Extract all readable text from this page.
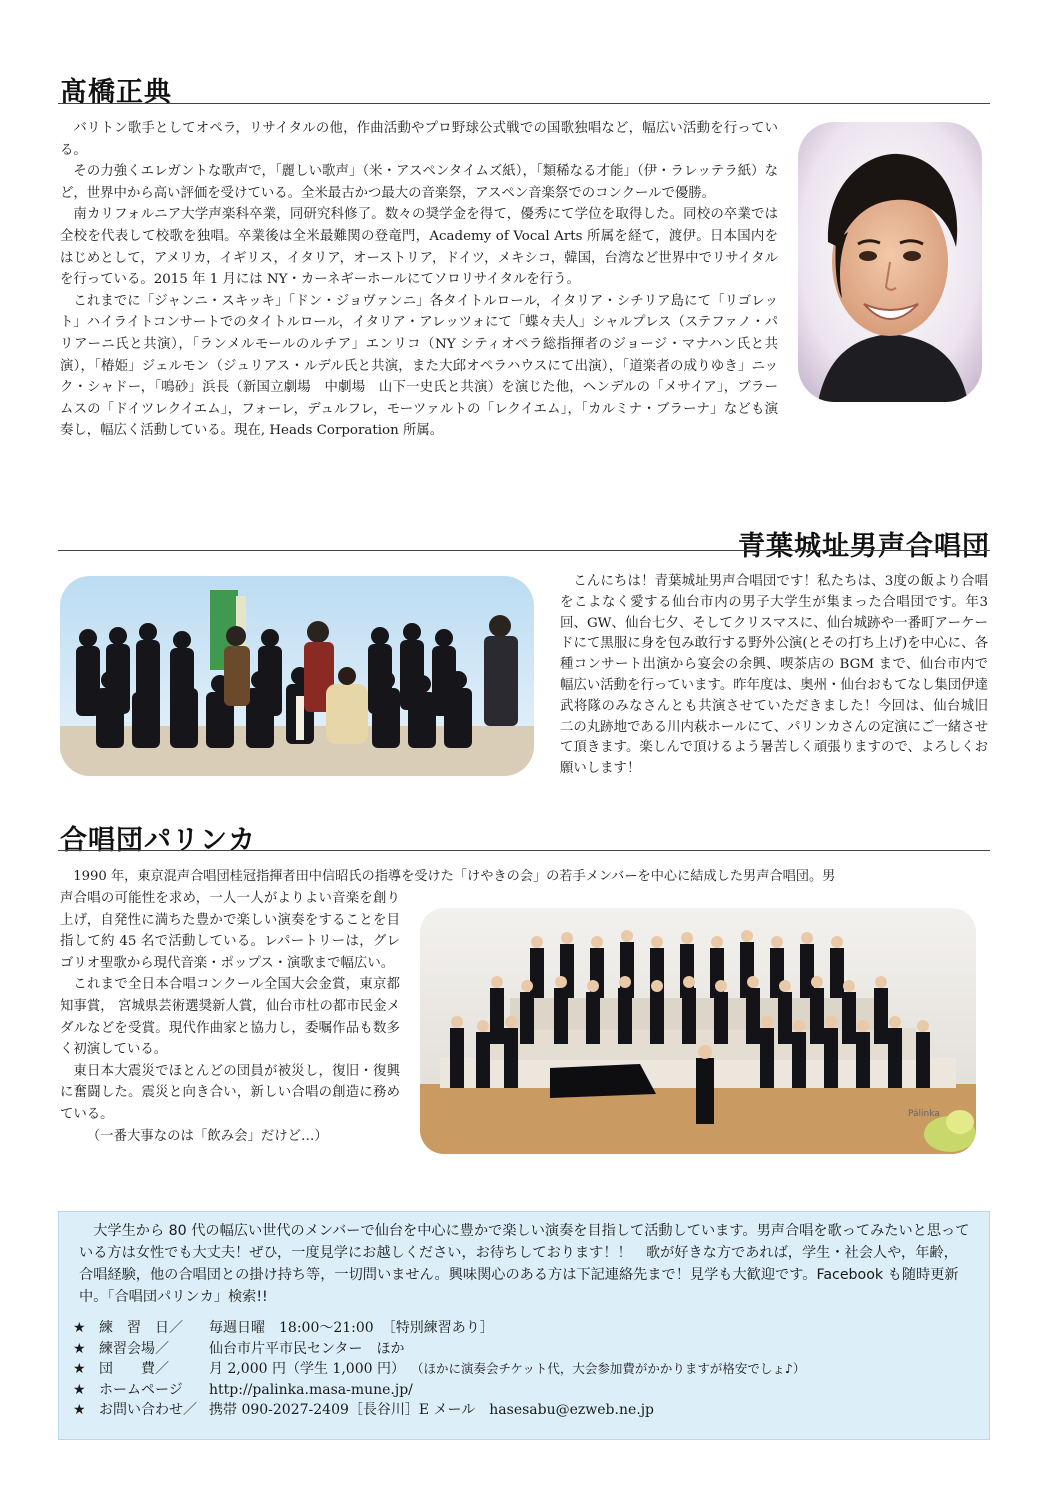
髙橋正典

バリトン歌手としてオペラ，リサイタルの他，作曲活動やプロ野球公式戦での国歌独唱など，幅広い活動を行っている。

その力強くエレガントな歌声で，「麗しい歌声」（米・アスペンタイムズ紙），「類稀なる才能」（伊・ラレッテラ紙）など，世界中から高い評価を受けている。全米最古かつ最大の音楽祭，アスペン音楽祭でのコンクールで優勝。

南カリフォルニア大学声楽科卒業，同研究科修了。数々の奨学金を得て，優秀にて学位を取得した。同校の卒業では全校を代表して校歌を独唱。卒業後は全米最難関の登竜門，Academy of Vocal Arts 所属を経て，渡伊。日本国内をはじめとして，アメリカ，イギリス，イタリア，オーストリア，ドイツ，メキシコ，韓国，台湾など世界中でリサイタルを行っている。2015 年 1 月には NY・カーネギーホールにてソロリサイタルを行う。

これまでに「ジャンニ・スキッキ」「ドン・ジョヴァンニ」各タイトルロール，イタリア・シチリア島にて「リゴレット」ハイライトコンサートでのタイトルロール，イタリア・アレッツォにて「蝶々夫人」シャルプレス（ステファノ・パリアーニ氏と共演），「ランメルモールのルチア」エンリコ（NY シティオペラ総指揮者のジョージ・マナハン氏と共演），「椿姫」ジェルモン（ジュリアス・ルデル氏と共演，また大邱オペラハウスにて出演），「道楽者の成りゆき」ニック・シャドー，「鳴砂」浜長（新国立劇場　中劇場　山下一史氏と共演）を演じた他，ヘンデルの「メサイア」，ブラームスの「ドイツレクイエム」，フォーレ，デュルフレ，モーツァルトの「レクイエム」，「カルミナ・ブラーナ」なども演奏し，幅広く活動している。現在, Heads Corporation 所属。

青葉城址男声合唱団

こんにちは！青葉城址男声合唱団です！私たちは、3度の飯より合唱をこよなく愛する仙台市内の男子大学生が集まった合唱団です。年3回、GW、仙台七夕、そしてクリスマスに、仙台城跡や一番町アーケードにて黒服に身を包み敢行する野外公演(とその打ち上げ)を中心に、各種コンサート出演から宴会の余興、喫茶店の BGM まで、仙台市内で幅広い活動を行っています。昨年度は、奥州・仙台おもてなし集団伊達武将隊のみなさんとも共演させていただきました！今回は、仙台城旧二の丸跡地である川内萩ホールにて、パリンカさんの定演にご一緒させて頂きます。楽しんで頂けるよう暑苦しく頑張りますので、よろしくお願いします！

合唱団パリンカ

1990 年，東京混声合唱団桂冠指揮者田中信昭氏の指導を受けた「けやきの会」の若手メンバーを中心に結成した男声合唱団。男

声合唱の可能性を求め，一人一人がよりよい音楽を創り上げ，自発性に満ちた豊かで楽しい演奏をすることを目指して約 45 名で活動している。レパートリーは，グレゴリオ聖歌から現代音楽・ポップス・演歌まで幅広い。

これまで全日本合唱コンクール全国大会金賞，東京都知事賞， 宮城県芸術選奨新人賞，仙台市杜の都市民金メダルなどを受賞。現代作曲家と協力し，委嘱作品も数多く初演している。

東日本大震災でほとんどの団員が被災し，復旧・復興に奮闘した。震災と向き合い，新しい合唱の創造に務めている。

（一番大事なのは「飲み会」だけど…）

Pálinka

大学生から 80 代の幅広い世代のメンバーで仙台を中心に豊かで楽しい演奏を目指して活動しています。男声合唱を歌ってみたいと思っている方は女性でも大丈夫！ぜひ，一度見学にお越しください，お待ちしております！！　歌が好きな方であれば，学生・社会人や，年齢，合唱経験，他の合唱団との掛け持ち等，一切問いません。興味関心のある方は下記連絡先まで！見学も大歓迎です。Facebook も随時更新中。「合唱団パリンカ」検索!!

★ 練　習　日／	毎週日曜　18:00～21:00 ［特別練習あり］
★ 練習会場／	仙台市片平市民センター　ほか
★ 団　　費／	月 2,000 円（学生 1,000 円） （ほかに演奏会チケット代，大会参加費がかかりますが格安でしょ♪）
★ ホームページ	http://palinka.masa-mune.jp/
★ お問い合わせ／ 携帯 090-2027-2409［長谷川］E メール　hasesabu@ezweb.ne.jp
